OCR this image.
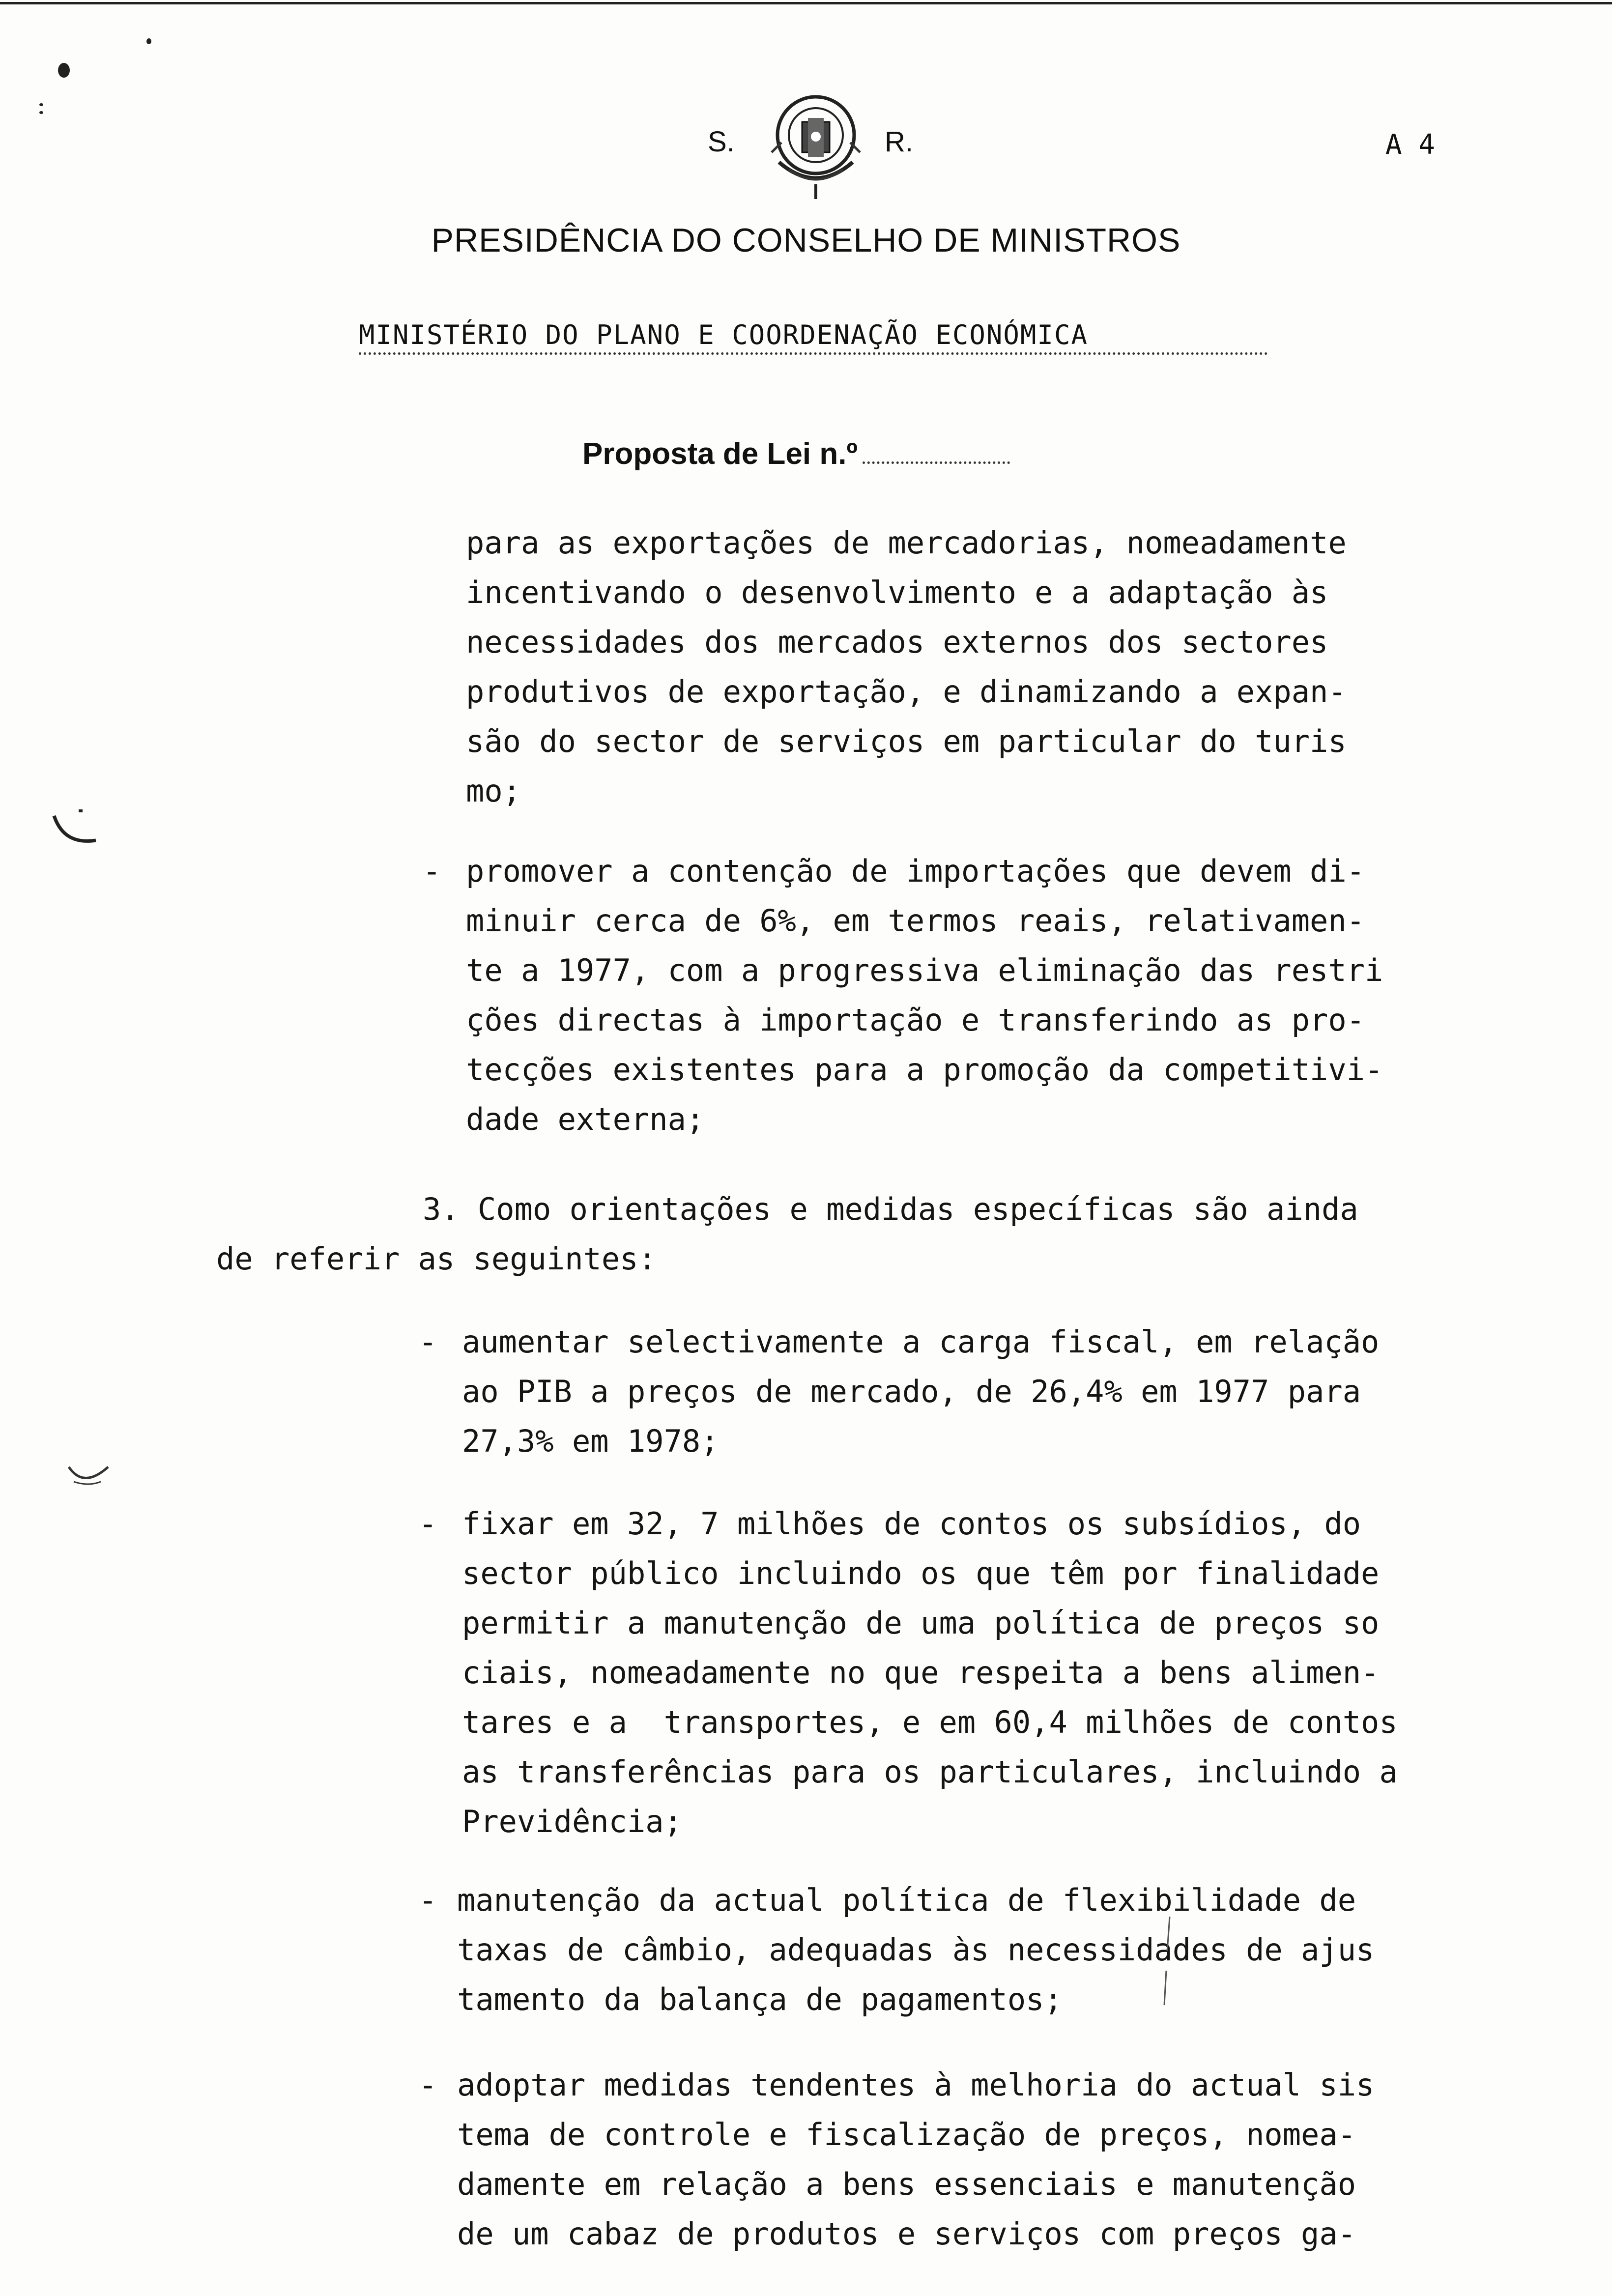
S.	R.	A 4
PRESIDÊNCIA DO CONSELHO DE MINISTROS
MINISTÉRIO DO PLANO E COORDENAÇÃO ECONÓMICA
Proposta de Lei n.º
para as exportações de mercadorias, nomeadamente
incentivando o desenvolvimento e a adaptação às
necessidades dos mercados externos dos sectores
produtivos de exportação, e dinamizando a expan-
são do sector de serviços em particular do turis
mo;
- promover a contenção de importações que devem di-
minuir cerca de 6%, em termos reais, relativamen-
te a 1977, com a progressiva eliminação das restri
ções directas à importação e transferindo as pro-
tecções existentes para a promoção da competitivi-
dade externa;
3. Como orientações e medidas específicas são ainda
de referir as seguintes:
- aumentar selectivamente a carga fiscal, em relação
ao PIB a preços de mercado, de 26,4% em 1977 para
27,3% em 1978;
- fixar em 32, 7 milhões de contos os subsídios, do
sector público incluindo os que têm por finalidade
permitir a manutenção de uma política de preços so
ciais, nomeadamente no que respeita a bens alimen-
tares e a  transportes, e em 60,4 milhões de contos
as transferências para os particulares, incluindo a
Previdência;
- manutenção da actual política de flexibilidade de
taxas de câmbio, adequadas às necessidades de ajus
tamento da balança de pagamentos;
- adoptar medidas tendentes à melhoria do actual sis
tema de controle e fiscalização de preços, nomea-
damente em relação a bens essenciais e manutenção
de um cabaz de produtos e serviços com preços ga-
